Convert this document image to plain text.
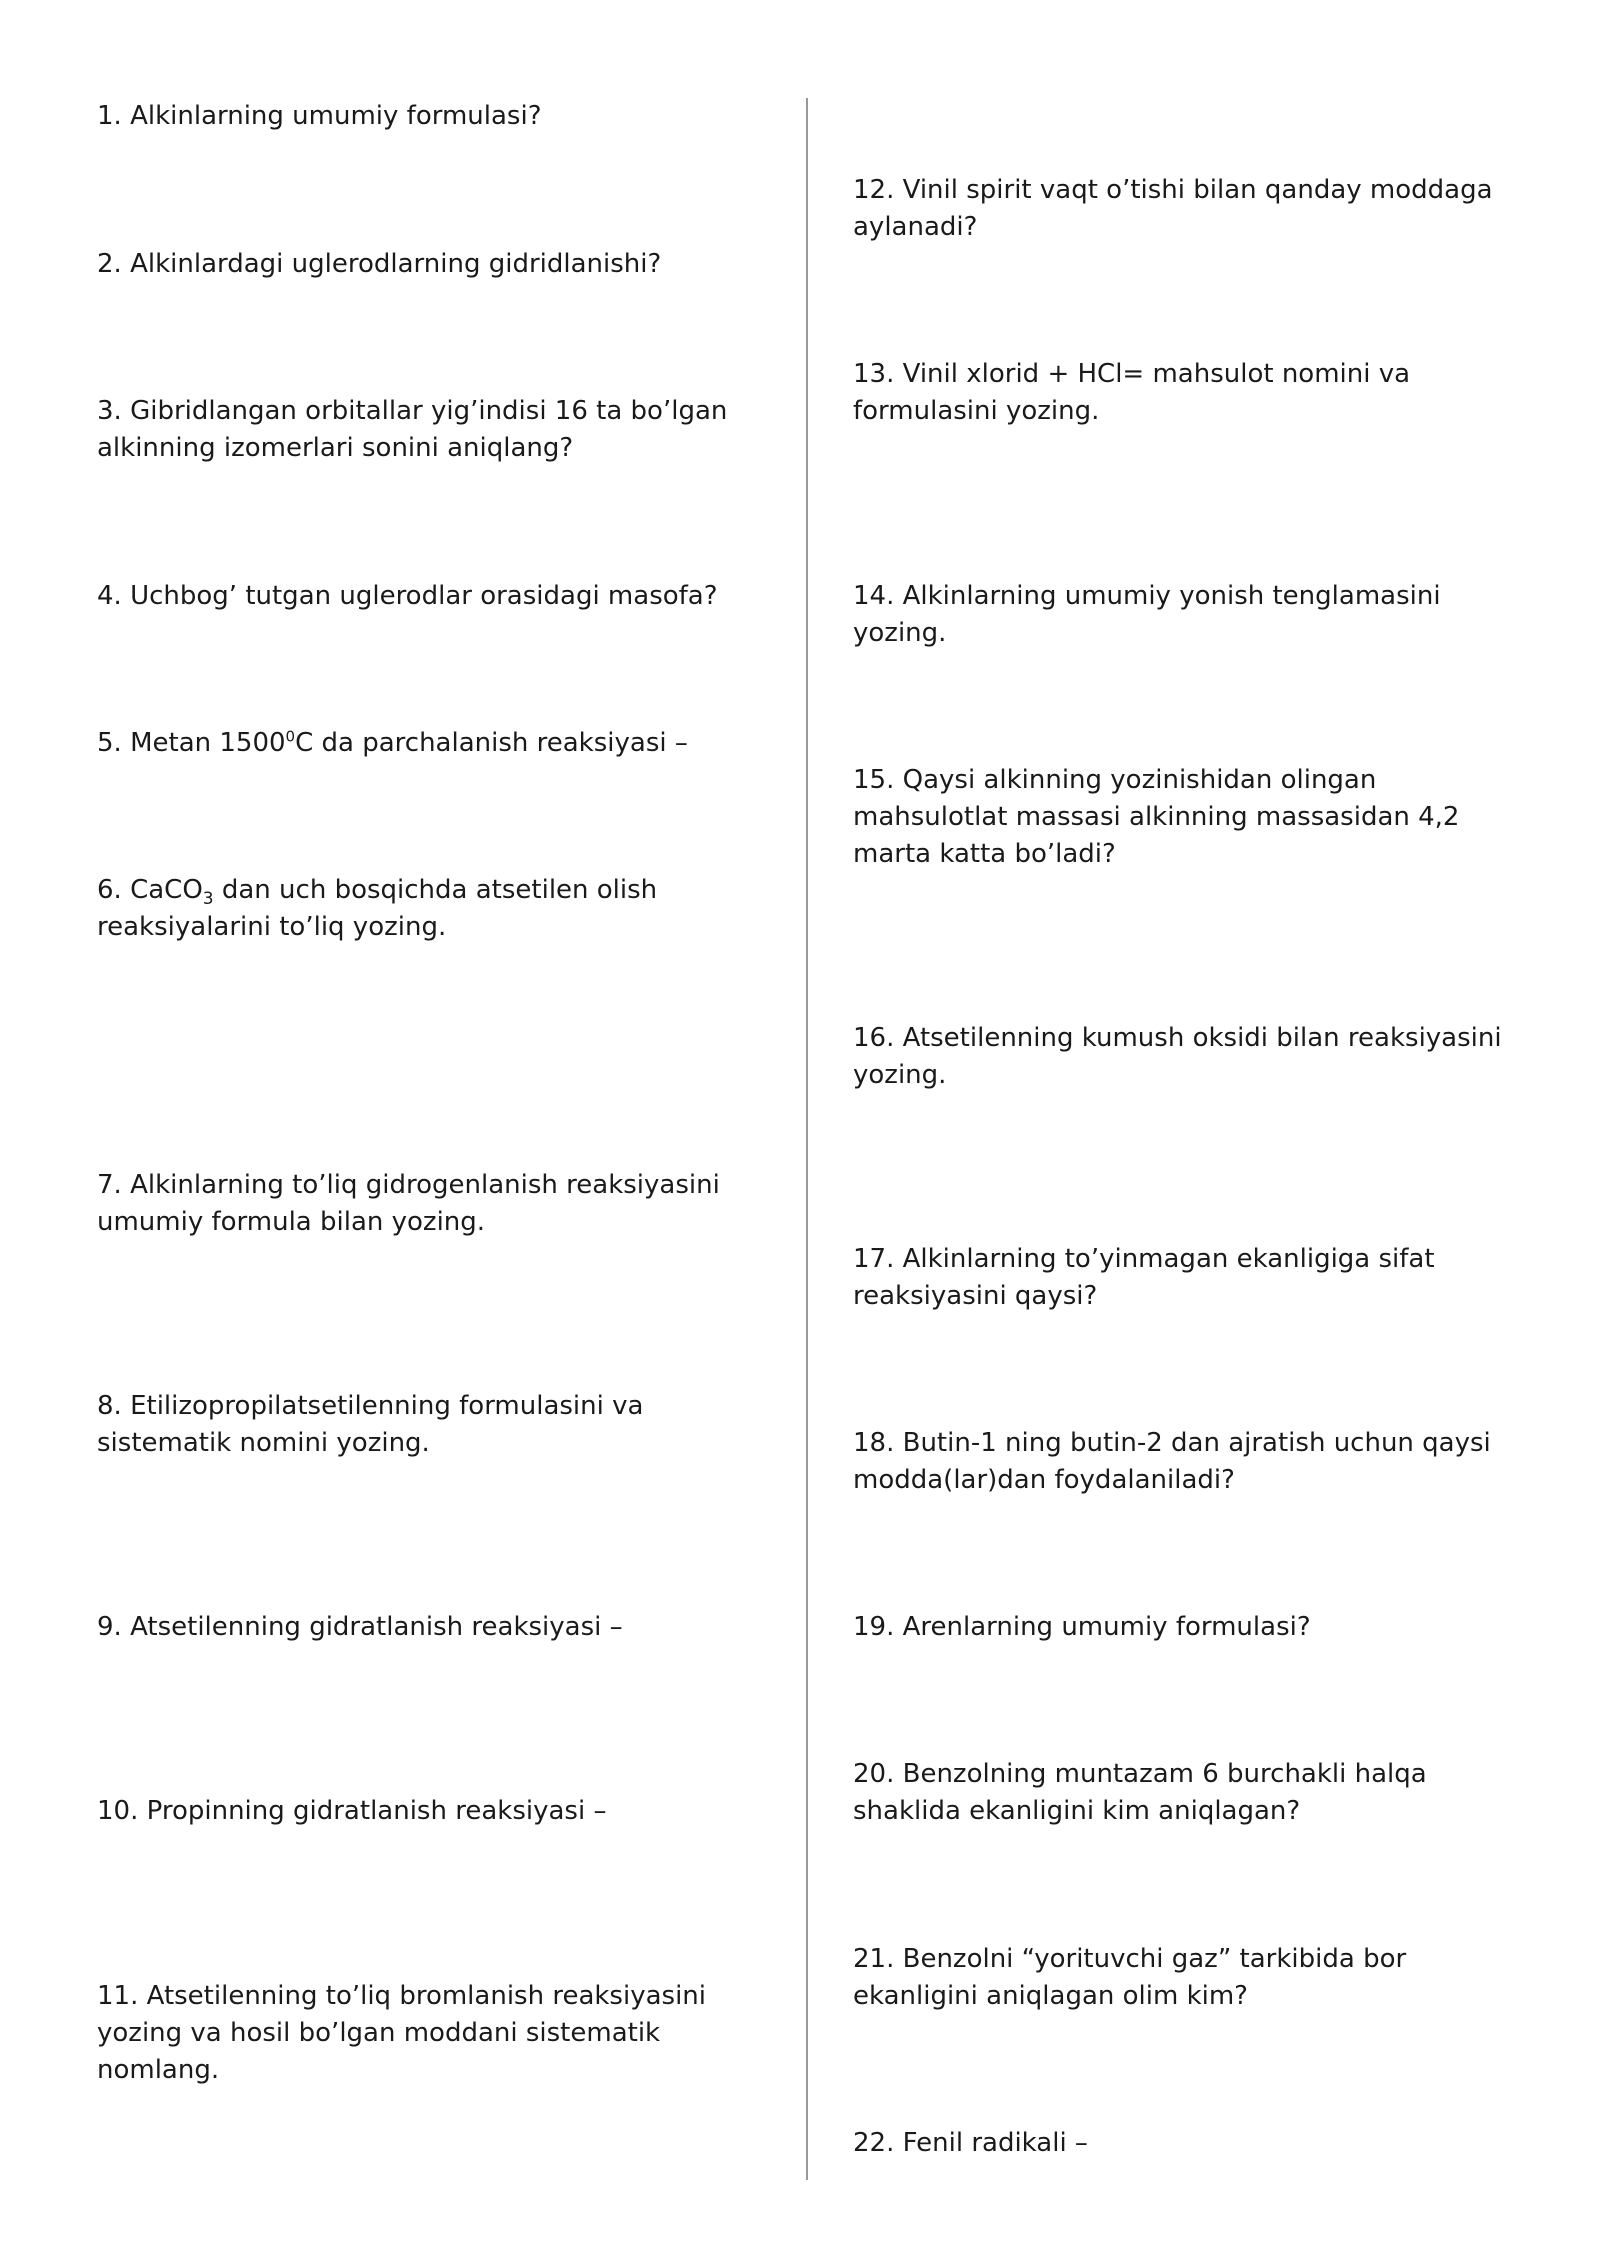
1. Alkinlarning umumiy formulasi?

2. Alkinlardagi uglerodlarning gidridlanishi?

3. Gibridlangan orbitallar yig’indisi 16 ta bo’lgan alkinning izomerlari sonini aniqlang?

4. Uchbog’ tutgan uglerodlar orasidagi masofa?

5. Metan 1500$^0$C da parchalanish reaksiyasi –

6. CaCO$_3$ dan uch bosqichda atsetilen olish reaksiyalarini to’liq yozing.

7. Alkinlarning to’liq gidrogenlanish reaksiyasini umumiy formula bilan yozing.

8. Etilizopropilatsetilenning formulasini va sistematik nomini yozing.

9. Atsetilenning gidratlanish reaksiyasi –

10. Propinning gidratlanish reaksiyasi –

11. Atsetilenning to’liq bromlanish reaksiyasini yozing va hosil bo’lgan moddani sistematik nomlang.

12. Vinil spirit vaqt o’tishi bilan qanday moddaga aylanadi?

13. Vinil xlorid + HCl= mahsulot nomini va formulasini yozing.

14. Alkinlarning umumiy yonish tenglamasini yozing.

15. Qaysi alkinning yozinishidan olingan mahsulotlat massasi alkinning massasidan 4,2 marta katta bo’ladi?

16. Atsetilenning kumush oksidi bilan reaksiyasini yozing.

17. Alkinlarning to’yinmagan ekanligiga sifat reaksiyasini qaysi?

18. Butin-1 ning butin-2 dan ajratish uchun qaysi modda(lar)dan foydalaniladi?

19. Arenlarning umumiy formulasi?

20. Benzolning muntazam 6 burchakli halqa shaklida ekanligini kim aniqlagan?

21. Benzolni “yorituvchi gaz” tarkibida bor ekanligini aniqlagan olim kim?

22. Fenil radikali –
